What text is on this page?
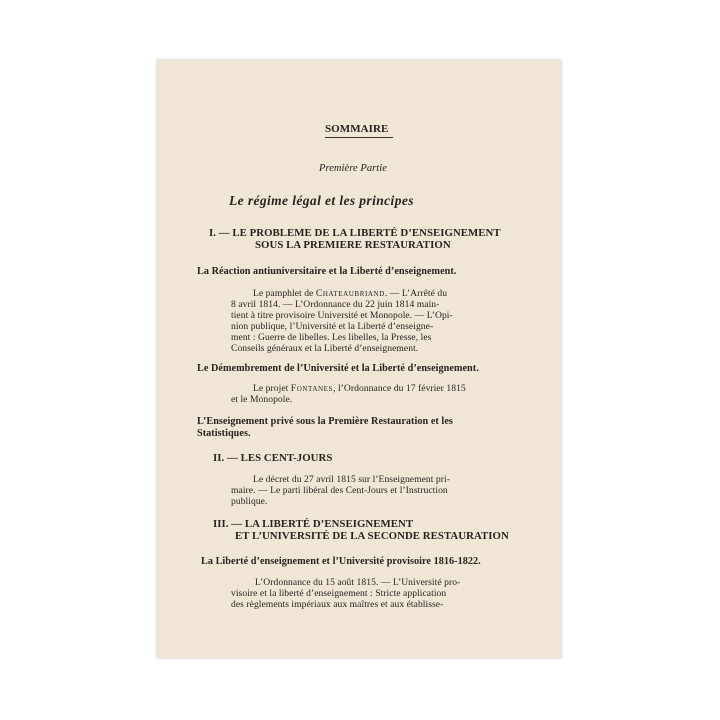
SOMMAIRE
Première Partie
Le régime légal et les principes
I. — LE PROBLEME DE LA LIBERTÉ D’ENSEIGNEMENT
SOUS LA PREMIERE RESTAURATION
La Réaction antiuniversitaire et la Liberté d’enseignement.
Le pamphlet de Chateaubriand. — L’Arrêté du
8 avril 1814. — L’Ordonnance du 22 juin 1814 main-
tient à titre provisoire Université et Monopole. — L’Opi-
nion publique, l’Université et la Liberté d’enseigne-
ment : Guerre de libelles. Les libelles, la Presse, les
Conseils généraux et la Liberté d’enseignement.
Le Démembrement de l’Université et la Liberté d’enseignement.
Le projet Fontanes, l’Ordonnance du 17 février 1815
et le Monopole.
L’Enseignement privé sous la Première Restauration et les
Statistiques.
II. — LES CENT-JOURS
Le décret du 27 avril 1815 sur l’Enseignement pri-
maire. — Le parti libéral des Cent-Jours et l’Instruction
publique.
III. — LA LIBERTÉ D’ENSEIGNEMENT
ET L’UNIVERSITÉ DE LA SECONDE RESTAURATION
La Liberté d’enseignement et l’Université provisoire 1816-1822.
L’Ordonnance du 15 août 1815. — L’Université pro-
visoire et la liberté d’enseignement : Stricte application
des règlements impériaux aux maîtres et aux établisse-
